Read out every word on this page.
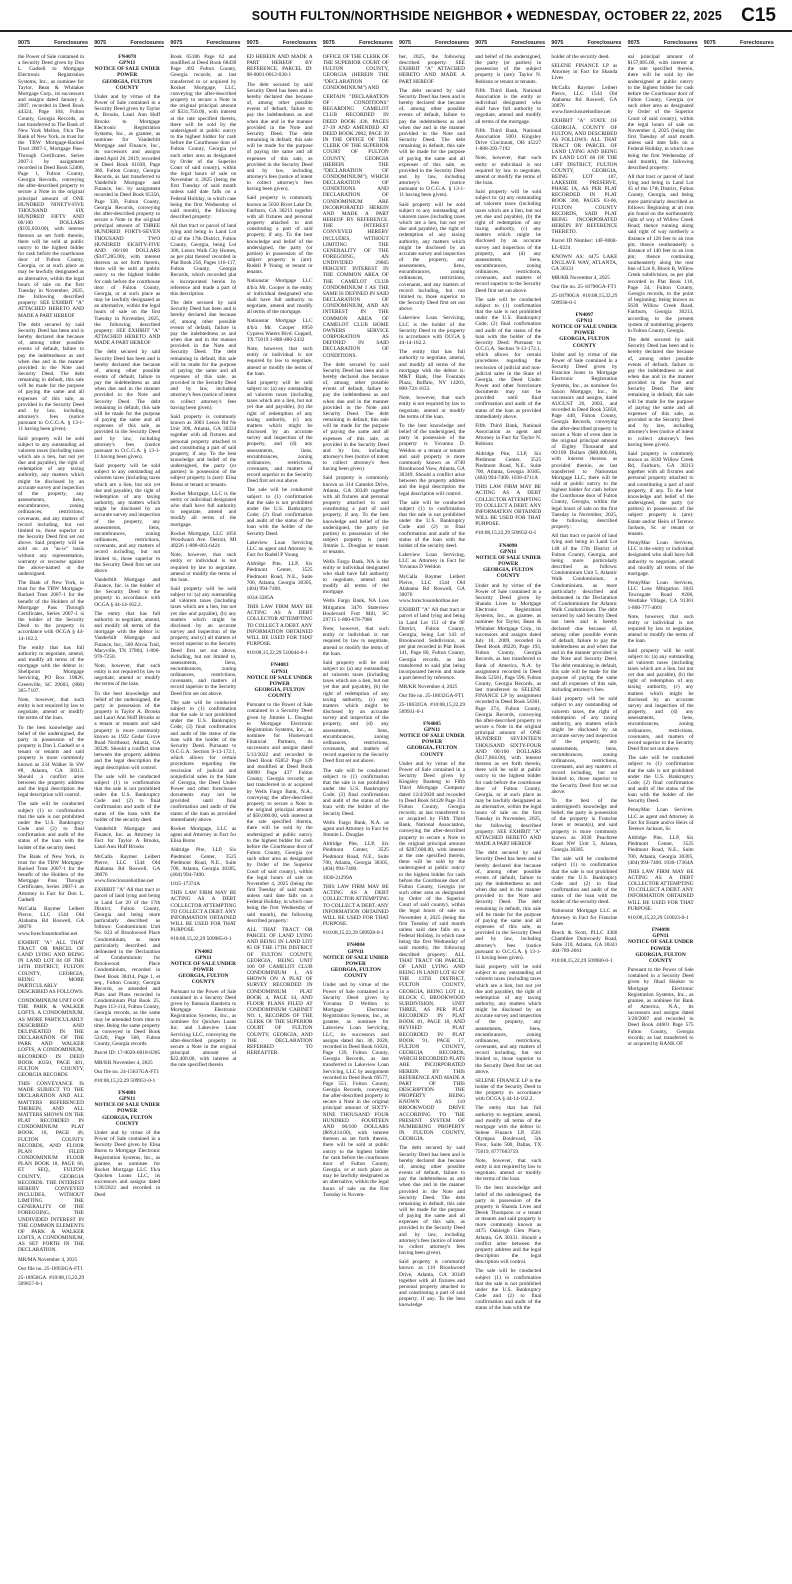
SOUTH FULTON/NORTHSIDE NEIGHBOR ♦ WEDNESDAY, OCTOBER 22, 2025 C15
9075	Foreclosures 9075	Foreclosures 9075	Foreclosures 9075	Foreclosures 9075	Foreclosures 9075	Foreclosures 9075	Foreclosures 9075	Foreclosures 9075	Foreclosures 9075	Foreclosures

the Power of Sale contained in a Security Deed given by Don L. Gadsell to Mortgage Electronic Registration Systems, Inc., as nominee for Taylor, Bean & Whitaker Mortgage Corp., its successors and assigns dated January 4, 2007, recorded in Deed Book 44324, Page 104, Fulton County, Georgia Records, as last transferred to The Bank of New York Mellon, f/k/a The Bank of New York, in trust for the TBW Mortgage-Backed Trust 2007-1, Mortgage Pass-Through Certificates, Series 2007-1 by assignment recorded in Deed Book 52406, Page 1, Fulton County, Georgia Records, conveying the after-described property to secure a Note in the original principal amount of ONE HUNDRED NINETY-FIVE THOUSAND SIX HUNDRED FIFTY AND 00/100 DOLLARS ($195,650.00), with interest thereon as set forth therein, there will be sold at public outcry to the highest bidder for cash before the courthouse door of Fulton County, Georgia, or at such place as may be lawfully designated as an alternative, within the legal hours of sale on the first Tuesday in November, 2025, the following described property: SEE EXHIBIT "A" ATTACHED HERETO AND MADE A PART HEREOF

The debt secured by said Security Deed has been and is hereby declared due because of, among other possible events of default, failure to pay the indebtedness as and when due and in the manner provided in the Note and Security Deed. The debt remaining in default, this sale will be made for the purpose of paying the same and all expenses of this sale, as provided in the Security Deed and by law, including attorney's fees (notice pursuant to O.C.G.A. § 13-1-11 having been given).

Said property will be sold subject to any outstanding ad valorem taxes (including taxes which are a lien, but not yet due and payable), the right of redemption of any taxing authority, any matters which might be disclosed by an accurate survey and inspection of the property, any assessments, liens, encumbrances, zoning ordinances, restrictions, covenants, and any matters of record including, but not limited to, those superior to the Security Deed first set out above. Said property will be sold on an "as-is" basis without any representation, warranty or recourse against the above-named or the undersigned.

The Bank of New York, in trust for the TBW Mortgage-Backed Trust 2007-1 for the benefit of the Holders of the Mortgage Pass Through Certificates, Series 2007-1 is the holder of the Security Deed to the property in accordance with OCGA § 44-14-162.2.

The entity that has full authority to negotiate, amend, and modify all terms of the mortgage with the debtor is: Shellpoint Mortgage Servicing, PO Box 10826, Greenville, SC 29603, (800) 365-7107.

Note, however, that such entity is not required by law to negotiate, amend or modify the terms of the loan.

To the best knowledge and belief of the undersigned, the party in possession of the property is Don L Gadsell or a tenant or tenants and said property is more commonly known as 334 Walker St SW #8, Atlanta, GA 30313. Should a conflict arise between the property address and the legal description the legal description will control.

The sale will be conducted subject (1) to confirmation that the sale is not prohibited under the U.S. Bankruptcy Code and (2) to final confirmation and audit of the status of the loan with the holder of the security deed.

The Bank of New York, in trust for the TBW Mortgage-Backed Trust 2007-1 for the benefit of the Holders of the Mortgage Pass Through Certificates, Series 2007-1 as Attorney in Fact for Don L. Gadsell

McCalla Raymer Leibert Pierce, LLC 1544 Old Alabama Rd Roswell, GA 30076 www.foreclosurehotline.net

EXHIBIT "A" ALL THAT TRACT OR PARCEL OF LAND LYING AND BEING IN LAND LOT 84 OF THE 14TH DISTRICT, FULTON COUNTY, GEORGIA, BEING MORE PARTICULARLY DESCRIBED AS FOLLOWS:

CONDOMINIUM UNIT 8 OF THE PARK & WALKER LOFTS, A CONDOMINIUM, AS MORE PARTICULARLY DESCRIBED AND DELINEATED IN THE DECLARATION OF THE PARK AND WALKER LOFTS, A CONDOMINIUM, RECORDED IN DEED BOOK 40350, PAGE 481, FULTON COUNTY, GEORGIA RECORDS

THIS CONVEYANCE IS MADE SUBJECT TO THE DECLARATION AND ALL MATTERS REFERENCED THEREIN, AND ALL MATTERS SHOWN ON THE PLAT RECORDED IN CONDOMINIUM PLAT BOOK 18, PAGE 46, FULTON COUNTY RECORDS, AND FLOOR PLAN FILED CONDOMINIUM FLOOR PLAN BOOK 18, PAGE 66, ET SEQ., FULTON COUNTY, GEORGIA RECORDS. THE INTEREST HEREBY CONVEYED INCLUDES, WITHOUT LIMITING THE GENERALITY OF THE FOREGOING, THE UNDIVIDED INTEREST IN THE COMMON ELEMENTS OF PARK & WALKER LOFTS, A CONDOMINIUM, AS SET FORTH IN THE DECLARATION.

MR/MA November 4, 2025

Our file no. 25-18950GA-FT1

25-18950GA #10:08,15,22,29 509857-0-1

FN4078
GPN11
NOTICE OF SALE UNDER POWER
GEORGIA, FULTON COUNTY

Under and by virtue of the Power of Sale contained in a Security Deed given by Taylor A. Brooks, Lauri Ann Huff Brooks to Mortgage Electronic Registration Systems, Inc., as grantee, as nominee for Vanderbilt Mortgage and Finance, Inc., its successors and assigns dated April 26, 2019, recorded in Deed Book 61038, Page 366, Fulton County, Georgia Records, as last transferred to Vanderbilt Mortgage and Finance, Inc. by assignment recorded in Deed Book 65356, Page 338, Fulton County, Georgia Records, conveying the after-described property to secure a Note in the original principal amount of THREE HUNDRED FORTY-SEVEN THOUSAND TWO HUNDRED EIGHTY-FIVE AND 00/100 DOLLARS ($347,285.00), with interest thereon as set forth therein, there will be sold at public outcry to the highest bidder for cash before the courthouse door of Fulton County, Georgia, or at such place as may be lawfully designated as an alternative, within the legal hours of sale on the first Tuesday in November, 2025, the following described property: SEE EXHIBIT "A" ATTACHED HERETO AND MADE A PART HEREOF

The debt secured by said Security Deed has been and is hereby declared due because of, among other possible events of default, failure to pay the indebtedness as and when due and in the manner provided in the Note and Security Deed. The debt remaining in default, this sale will be made for the purpose of paying the same and all expenses of this sale, as provided in the Security Deed and by law, including attorney's fees (notice pursuant to O.C.G.A. § 13-1-11 having been given).

Said property will be sold subject to any outstanding ad valorem taxes (including taxes which are a lien, but not yet due and payable), the right of redemption of any taxing authority, any matters which might be disclosed by an accurate survey and inspection of the property, any assessments, liens, encumbrances, zoning ordinances, restrictions, covenants, and any matters of record including, but not limited to, those superior to the Security Deed first set out above.

Vanderbilt Mortgage and Finance, Inc. is the holder of the Security Deed to the property in accordance with OCGA § 44-14-162.2.

The entity that has full authority to negotiate, amend, and modify all terms of the mortgage with the debtor is: Vanderbilt Mortgage and Finance, Inc., 500 Alcoa Trail, Maryville, TN 37804, 1-800-970-7250.

Note, however, that such entity is not required by law to negotiate, amend or modify the terms of the loan.

To the best knowledge and belief of the undersigned, the party in possession of the property is Taylor A. Brooks and Lauri Ann Huff Brooks or a tenant or tenants and said property is more commonly known as 1922 Cedar Grove Road Northeast, Atlanta, GA 30328. Should a conflict arise between the property address and the legal description the legal description will control.

The sale will be conducted subject (1) to confirmation that the sale is not prohibited under the U.S. Bankruptcy Code and (2) to final confirmation and audit of the status of the loan with the holder of the security deed.

Vanderbilt Mortgage and Finance, Inc. as Attorney in Fact for Taylor A Brooks, Lauri Ann Huff Brooks

McCalla Raymer Leibert Pierce, LLC 1544 Old Alabama Rd Roswell, GA 30076 www.foreclosurehotline.net

EXHIBIT "A" All that tract or parcel of land lying and being in Land Lot 20 of the 17th District, Fulton County, Georgia and being more particularly described as follows: Condominium Unit No. 623 of Brookwood Place Condominium, as more particularly described and delineated in the Declaration of Condominium for Brookwood Place Condominium, recorded in Deed Book 38414, Page 1, et seq., Fulton County, Georgia Records, as amended and Plats and Plans recorded in Condominium Plat Book 25, Pages 113-114, Fulton County, Georgia records, as the same may be amended from time to time. Being the same property as conveyed in Deed Book 52420, Page 566, Fulton County, Georgia records.

Parcel ID: 17-0020-0018-0205

MR/KR November 4, 2025

Our file no. 24-15637GA-FT1

#10:08,15,22,29 509951-0-1

FN4081
GPN11
NOTICE OF SALE UNDER POWER
GEORGIA, FULTON COUNTY

Under and by virtue of the Power of Sale contained in a Security Deed given by Elisa Burns to Mortgage Electronic Registration Systems, Inc., as grantee, as nominee for Rocket Mortgage LLC f/k/a Quicken Loans LLC, its successors and assigns dated 1/28/2022 and recorded in Deed

Book 65186 Page 62 and modified at Deed Book 68438 Page 492 Fulton County, Georgia records; as last transferred to or acquired by Rocket Mortgage, LLC, conveying the after-described property to secure a Note in the original principal amount of $331,750.00, with interest at the rate specified therein, there will be sold by the undersigned at public outcry to the highest bidder for cash before the Courthouse door of Fulton County, Georgia (or such other area as designated by Order of the Superior Court of said county), within the legal hours of sale on November 4, 2025 (being the first Tuesday of said month unless said date falls on a Federal Holiday, in which case being the first Wednesday of said month), the following described property:

All that tract or parcel of land lying and being in Land Lot 42 of the 17th District, Fulton County, Georgia, being Lot 306, Lenox Walk City Homes, as per plat thereof recorded in Plat Book 256, Pages 116-117, Fulton County, Georgia Records, which recorded plat is incorporated herein by reference and made a part of this description.

The debt secured by said Security Deed has been and is hereby declared due because of, among other possible events of default, failure to pay the indebtedness as and when due and in the manner provided in the Note and Security Deed. The debt remaining in default, this sale will be made for the purpose of paying the same and all expenses of this sale, as provided in the Security Deed and by law, including attorney's fees (notice of intent to collect attorney's fees having been given).

Said property is commonly known as 3003 Lenox Rd Ne Unit 306, Atlanta, GA 30324 together with all fixtures and personal property attached to and constituting a part of said property, if any. To the best knowledge and belief of the undersigned, the party (or parties) in possession of the subject property is (are): Elisa Burns or tenant or tenants.

Rocket Mortgage, LLC is the entity or individual designated who shall have full authority to negotiate, amend and modify all terms of the mortgage.

Rocket Mortgage, LLC 1050 Woodward Ave. Detroit, MI 48226 1-888-663-6424

Note, however, that such entity or individual is not required by law to negotiate, amend or modify the terms of the loan.

Said property will be sold subject to: (a) any outstanding ad valorem taxes (including taxes which are a lien, but not yet due and payable), (b) any matters which might be disclosed by an accurate survey and inspection of the property, and (c) all matters of record superior to the Security Deed first set out above, including, but not limited to, assessments, liens, encumbrances, zoning ordinances, restrictions, covenants, and matters of record superior to the Security Deed first set out above.

The sale will be conducted subject to (1) confirmation that the sale is not prohibited under the U.S. Bankruptcy Code; (2) final confirmation and audit of the status of the loan with the holder of the Security Deed. Pursuant to O.C.G.A. Section 9-13-172.1, which allows for certain procedures regarding the rescission of judicial and nonjudicial sales in the State of Georgia, the Deed Under Power and other foreclosure documents may not be provided until final confirmation and audit of the status of the loan as provided immediately above.

Rocket Mortgage, LLC as agent and Attorney in Fact for Elisa Burns

Aldridge Pite, LLP, Six Piedmont Center, 3525 Piedmont Road, N.E., Suite 700, Atlanta, Georgia 30305, (404) 994-7400.

1015-17374A

THIS LAW FIRM MAY BE ACTING AS A DEBT COLLECTOR ATTEMPTING TO COLLECT A DEBT. ANY INFORMATION OBTAINED WILL BE USED FOR THAT PURPOSE.

#10:08,15,22,29 509985-0-1

FN4082
GPN11
NOTICE OF SALE UNDER POWER
GEORGIA, FULTON COUNTY

Pursuant to the Power of Sale contained in a Security Deed given by Ilamaria Bandeira to Mortgage Electronic Registration Systems, Inc., as nominee for Quicken Loans Inc. and Lakeview Loan Servicing LLC, conveying the after-described property to secure a Note in the original principal amount of $22,408.00, with interest at the rate specified therein

ED HEREIN AND MADE A PART HEREOF BY REFERENCE. PARCEL ID: 08-0001-0012-030-1

The debt secured by said Security Deed has been and is hereby declared due because of, among other possible events of default, failure to pay the indebtedness as and when due and in the manner provided in the Note and Security Deed. The debt remaining in default, this sale will be made for the purpose of paying the same and all expenses of this sale, as provided in the Security Deed and by law, including attorney's fees (notice of intent to collect attorney's fees having been given).

Said property is commonly known as 5030 River Lake Dr, Fairburn, GA 30213 together with all fixtures and personal property attached to and constituting a part of said property, if any. To the best knowledge and belief of the undersigned, the party (or parties) in possession of the subject property is (are): Rudell P Young or tenant or tenants.

Nationstar Mortgage LLC d/b/a Mr. Cooper is the entity or individual designated who shall have full authority to negotiate, amend and modify all terms of the mortgage.

Nationstar Mortgage LLC d/b/a Mr. Cooper 8950 Cypress Waters Blvd. Coppell, TX 75019 1-888-480-2432

Note, however, that such entity or individual is not required by law to negotiate, amend or modify the terms of the loan.

Said property will be sold subject to: (a) any outstanding ad valorem taxes (including taxes which are a lien, but not yet due and payable), (b) the right of redemption of any taxing authority, (c) any matters which might be disclosed by an accurate survey and inspection of the property, and (d) any assessments, liens, encumbrances, zoning ordinances, restrictions, covenants, and matters of record superior to the Security Deed first set out above.

The sale will be conducted subject to (1) confirmation that the sale is not prohibited under the U.S. Bankruptcy Code; (2) final confirmation and audit of the status of the loan with the holder of the Security Deed.

Lakeview Loan Servicing LLC as agent and Attorney in Fact for Rudell P Young

Aldridge Pite, LLP, Six Piedmont Center, 3525 Piedmont Road, N.E., Suite 700, Atlanta, Georgia 30305, (404) 994-7400.

1034-3285A

THIS LAW FIRM MAY BE ACTING AS A DEBT COLLECTOR ATTEMPTING TO COLLECT A DEBT. ANY INFORMATION OBTAINED WILL BE USED FOR THAT PURPOSE.

#10:08,15,22,29 510044-0-1

FN4083
GPN11
NOTICE OF SALE UNDER POWER
GEORGIA, FULTON COUNTY

Pursuant to the Power of Sale contained in a Security Deed given by Jimmie L. Douglas to Mortgage Electronic Registration Systems, Inc., as nominee for Homeward Financial Partners, its successors and assigns dated 5/13/2022 and recorded in Deed Book 65852 Page 139 and modified at Deed Book 68099 Page 437 Fulton County, Georgia records; as last transferred to or acquired by Wells Fargo Bank, N.A., conveying the after-described property to secure a Note in the original principal amount of $56,000.00, with interest at the rate specified therein, there will be sold by the undersigned at public outcry to the highest bidder for cash before the Courthouse door of Fulton County, Georgia (or such other area as designated by Order of the Superior Court of said county), within the legal hours of sale on November 4, 2025 (being the first Tuesday of said month unless said date falls on a Federal Holiday, in which case being the first Wednesday of said month), the following described property:

ALL THAT TRACT OR PARCEL OF LAND LYING AND BEING IN LAND LOT 85 OF THE 17TH DISTRICT OF FULTON COUNTY, GEORGIA, BEING UNIT 106 OF CAMELOT CLUB CONDOMINIUM I, AS SHOWN ON A PLAT OF SURVEY RECORDED IN CONDOMINIUM PLAT BOOK 4, PAGE 34, AND FLOOR PLANS FILED AT CONDOMINIUM CABINET NO. 1, RECORDS OF THE CLERK OF THE SUPERIOR COURT OF FULTON COUNTY, GEORGIA, AND THE DECLARATION REFERRED TO HEREAFTER.

OFFICE OF THE CLERK OF THE SUPERIOR COURT OF FULTON COUNTY, GEORGIA (HEREIN THE "DECLARATION OF CONDOMINIUM") AND

CERTAIN "DECLARATION OF CONDITIONS" REGARDING CAMELOT CLUB RECORDED IN DEED BOOK 436, PAGES 27-39 AND AMENDED AT DEED BOOK 2082, PAGE 39 IN THE OFFICE OF THE CLERK OF THE SUPERIOR COURT OF FULTON COUNTY, GEORGIA (HEREIN THE "DECLARATION OF CONDOMINIUM"), WHICH DECLARATION OF CONDITIONS AND DECLARATION OF CONDOMINIUM ARE INCORPORATED HEREIN AND MADE A PART HEREOF BY REFERENCE. THE INTEREST CONVEYED HEREBY INCLUDES, WITHOUT LIMITING THE GENERALITY OF THE FOREGOING, AN UNDIVIDED 29665 PERCENT INTEREST IN THE COMMON AREA OF THE CAMELOT CLUB CONDOMINIUM I AS THE SAME IS DEFINED IN SAID DECLARATION OF CONDOMINIUM, AND AN INTEREST IN THE COMMON AREA OF CAMELOT CLUB HOME OWNERS SERVICE CORPORATION AS DEFINED IN SAID DECLARATION OF CONDITIONS.

The debt secured by said Security Deed has been and is hereby declared due because of, among other possible events of default, failure to pay the indebtedness as and when due and in the manner provided in the Note and Security Deed. The debt remaining in default, this sale will be made for the purpose of paying the same and all expenses of this sale, as provided in the Security Deed and by law, including attorney's fees (notice of intent to collect attorney's fees having been given).

Said property is commonly known as 314 Camelot Drive, Atlanta, GA 30349 together with all fixtures and personal property attached to and constituting a part of said property, if any. To the best knowledge and belief of the undersigned, the party (or parties) in possession of the subject property is (are): Jimmie L. Douglas or tenant or tenants.

Wells Fargo Bank, NA is the entity or individual designated who shall have full authority to negotiate, amend and modify all terms of the mortgage.

Wells Fargo Bank, NA Loss Mitigation 3476 Stateview Boulevard Fort Mill, SC 29715 1-800-678-7986

Note, however, that such entity or individual is not required by law to negotiate, amend or modify the terms of the loan.

Said property will be sold subject to: (a) any outstanding ad valorem taxes (including taxes which are a lien, but not yet due and payable), (b) the right of redemption of any taxing authority, (c) any matters which might be disclosed by an accurate survey and inspection of the property, and (d) any assessments, liens, encumbrances, zoning ordinances, restrictions, covenants, and matters of record superior to the Security Deed first set out above.

The sale will be conducted subject to (1) confirmation that the sale is not prohibited under the U.S. Bankruptcy Code; (2) final confirmation and audit of the status of the loan with the holder of the Security Deed.

Wells Fargo Bank, N.A. as agent and Attorney in Fact for Jimmie L. Douglas

Aldridge Pite, LLP, Six Piedmont Center, 3525 Piedmont Road, N.E., Suite 700, Atlanta, Georgia 30305, (404) 994-7400.

1030-21299A

THIS LAW FIRM MAY BE ACTING AS A DEBT COLLECTOR ATTEMPTING TO COLLECT A DEBT. ANY INFORMATION OBTAINED WILL BE USED FOR THAT PURPOSE.

#10:08,15,22,29 509928-0-1

FN4084
GPN11
NOTICE OF SALE UNDER POWER
GEORGIA, FULTON COUNTY

Under and by virtue of the Power of Sale contained in a Security Deed given by Yovanna D Weldon to Mortgage Electronic Registration Systems, Inc., as grantee, as nominee for Lakeview Loan Servicing, LLC, its successors and assigns dated Jan. 30, 2020, recorded in Deed Book 61024, Page 139, Fulton County, Georgia Records, as last transferred to Lakeview Loan Servicing, LLC by assignment recorded in Deed Book 69577, Page 551, Fulton County, Georgia Records, conveying the after-described property to secure a Note in the original principal amount of SIXTY-NINE THOUSAND FOUR HUNDRED FOURTEEN AND 00/100 DOLLARS ($69,414.00), with interest thereon as set forth therein, there will be sold at public outcry to the highest bidder for cash before the courthouse door of Fulton County, Georgia, or at such place as may be lawfully designated as an alternative, within the legal hours of sale on the first Tuesday in Novem-

ber, 2025, the following described property: SEE EXHIBIT "A" ATTACHED HERETO AND MADE A PART HEREOF

The debt secured by said Security Deed has been and is hereby declared due because of, among other possible events of default, failure to pay the indebtedness as and when due and in the manner provided in the Note and Security Deed. The debt remaining in default, this sale will be made for the purpose of paying the same and all expenses of this sale, as provided in the Security Deed and by law, including attorney's fees (notice pursuant to O.C.G.A. § 13-1-11 having been given).

Said property will be sold subject to any outstanding ad valorem taxes (including taxes which are a lien, but not yet due and payable), the right of redemption of any taxing authority, any matters which might be disclosed by an accurate survey and inspection of the property, any assessments, liens, encumbrances, zoning ordinances, restrictions, covenants, and any matters of record including, but not limited to, those superior to the Security Deed first set out above.

Lakeview Loan Servicing, LLC is the holder of the Security Deed to the property in accordance with OCGA § 44-14-162.2.

The entity that has full authority to negotiate, amend, and modify all terms of the mortgage with the debtor is: M&T Bank, One Fountain Plaza, Buffalo, NY 14203, 800-724-1633.

Note, however, that such entity is not required by law to negotiate, amend or modify the terms of the loan.

To the best knowledge and belief of the undersigned, the party in possession of the property is Yovanna D. Weldon or a tenant or tenants and said property is more commonly known as 4740 Brookwood View, Atlanta, GA 30349. Should a conflict arise between the property address and the legal description the legal description will control.

The sale will be conducted subject (1) to confirmation that the sale is not prohibited under the U.S. Bankruptcy Code and (2) to final confirmation and audit of the status of the loan with the holder of the security deed.

Lakeview Loan Servicing, LLC as Attorney in Fact for Yovanna D Weldon

McCalla Raymer Leibert Pierce, LLC 1544 Old Alabama Rd Roswell, GA 30076 www.foreclosurehotline.net

EXHIBIT "A" All that tract or parcel of land lying and being in Land Lot 151 of the 9F District, Fulton County, Georgia, being Lot 143 of Brookwood Subdivision, as per plat recorded in Plat Book 141, Page 80, Fulton County, Georgia records, as last transferred to said plat being incorporated herein and made a part hereof by reference.

MR/KR November 4, 2025

Our file no. 25-18632GA-FT1

25-18632GA #10:08,15,22,29 509931-0-1

FN4085
GPN11
NOTICE OF SALE UNDER POWER
GEORGIA, FULTON COUNTY

Under and by virtue of the Power of Sale contained in a Security Deed given by Kingsley Boateng to Fifth Third Mortgage Company dated 12/4/2020 and recorded in Deed Book 64128 Page 314 Fulton County, Georgia records; as last transferred to or acquired by Fifth Third Bank, National Association, conveying the after-described property to secure a Note in the original principal amount of $287,600.00, with interest at the rate specified therein, there will be sold by the undersigned at public outcry to the highest bidder for cash before the Courthouse door of Fulton County, Georgia (or such other area as designated by Order of the Superior Court of said county), within the legal hours of sale on November 4, 2025 (being the first Tuesday of said month unless said date falls on a Federal Holiday, in which case being the first Wednesday of said month), the following described property: ALL THAT TRACT OR PARCEL OF LAND LYING AND BEING IN LAND LOT 82 OF THE 13TH DISTRICT, FULTON COUNTY, GEORGIA, BEING LOT 14, BLOCK C, BROOKWOOD SUBDIVISION, UNIT THREE, AS PER PLAT RECORDED IN PLAT BOOK 81, PAGE 18, AND REVISED PLAT RECORDED IN PLAT BOOK 91, PAGE 17, FULTON COUNTY, GEORGIA RECORDS, WHICH RECORDED PLATS ARE INCORPORATED HEREIN BY THIS REFERENCE AND MADE A PART OF THIS DESCRIPTION. THE PROPERTY BEING KNOWN AS 110 BROOKWOOD DRIVE ACCORDING TO THE PRESENT SYSTEM OF NUMBERING PROPERTY IN FULTON COUNTY, GEORGIA.

The debt secured by said Security Deed has been and is hereby declared due because of, among other possible events of default, failure to pay the indebtedness as and when due and in the manner provided in the Note and Security Deed. The debt remaining in default, this sale will be made for the purpose of paying the same and all expenses of this sale, as provided in the Security Deed and by law, including attorney's fees (notice of intent to collect attorney's fees having been given).

Said property is commonly known as 110 Brookwood Drive, Atlanta, GA 30349 together with all fixtures and personal property attached to and constituting a part of said property, if any. To the best knowledge

and belief of the undersigned, the party (or parties) in possession of the subject property is (are): Taylor N. Robison or tenant or tenants.

Fifth Third Bank, National Association is the entity or individual designated who shall have full authority to negotiate, amend and modify all terms of the mortgage.

Fifth Third Bank, National Association 5001 Kingsley Drive Cincinnati, OH 45227 1-888-393-7192

Note, however, that such entity or individual is not required by law to negotiate, amend or modify the terms of the loan.

Said property will be sold subject to: (a) any outstanding ad valorem taxes (including taxes which are a lien, but not yet due and payable), (b) the right of redemption of any taxing authority, (c) any matters which might be disclosed by an accurate survey and inspection of the property, and (d) any assessments, liens, encumbrances, zoning ordinances, restrictions, covenants, and matters of record superior to the Security Deed first set out above.

The sale will be conducted subject to (1) confirmation that the sale is not prohibited under the U.S. Bankruptcy Code; (2) final confirmation and audit of the status of the loan with the holder of the Security Deed. Pursuant to O.C.G.A. Section 9-13-172.1, which allows for certain procedures regarding the rescission of judicial and non-judicial sales in the State of Georgia, the Deed Under Power and other foreclosure documents may not be provided until final confirmation and audit of the status of the loan as provided immediately above.

Fifth Third Bank, National Association as agent and Attorney in Fact for Taylor N. Robison

Aldridge Pite, LLP, Six Piedmont Center, 3525 Piedmont Road, N.E., Suite 700, Atlanta, Georgia 30305, (404) 994-7400. 1038-4711A

THIS LAW FIRM MAY BE ACTING AS A DEBT COLLECTOR ATTEMPTING TO COLLECT A DEBT. ANY INFORMATION OBTAINED WILL BE USED FOR THAT PURPOSE.

#10:08,15,22,29 509932-0-1

FN4090
GPN11
NOTICE OF SALE UNDER POWER
GEORGIA, FULTON COUNTY

Under and by virtue of the Power of Sale contained in a Security Deed given by Shanda Lives to Mortgage Electronic Registration Systems, Inc., as grantee, as nominee for Taylor, Bean & Whitaker Mortgage Corp., its successors and assigns dated July 10, 2009, recorded in Deed Book 48220, Page 193, Fulton County, Georgia Records, as last transferred to Bank of America, N.A. by assignment recorded in Deed Book 52581, Page 596, Fulton County, Georgia Records, as last transferred to SELENE FINANCE LP by assignment recorded in Deed Book 54381, Page 274, Fulton County, Georgia Records, conveying the after-described property to secure a Note in the original principal amount of ONE HUNDRED SEVENTEEN THOUSAND SIXTY-FOUR AND 00/100 DOLLARS ($117,064.00), with interest thereon as set forth therein, there will be sold at public outcry to the highest bidder for cash before the courthouse door of Fulton County, Georgia, or at such place as may be lawfully designated as an alternative, within the legal hours of sale on the first Tuesday in November, 2025, the following described property: SEE EXHIBIT "A" ATTACHED HERETO AND MADE A PART HEREOF

The debt secured by said Security Deed has been and is hereby declared due because of, among other possible events of default, failure to pay the indebtedness as and when due and in the manner provided in the Note and Security Deed. The debt remaining in default, this sale will be made for the purpose of paying the same and all expenses of this sale, as provided in the Security Deed and by law, including attorney's fees (notice pursuant to O.C.G.A. § 13-1-11 having been given).

Said property will be sold subject to any outstanding ad valorem taxes (including taxes which are a lien, but not yet due and payable), the right of redemption of any taxing authority, any matters which might be disclosed by an accurate survey and inspection of the property, any assessments, liens, encumbrances, zoning ordinances, restrictions, covenants, and any matters of record including, but not limited to, those superior to the Security Deed first set out above.

SELENE FINANCE LP is the holder of the Security Deed to the property in accordance with OCGA § 44-14-162.2.

The entity that has full authority to negotiate, amend, and modify all terms of the mortgage with the debtor is: Selene Finance LP, 3501 Olympus Boulevard, 5th Floor, Suite 500, Dallas, TX 75019, 8777683759.

Note, however, that such entity is not required by law to negotiate, amend or modify the terms of the loan.

To the best knowledge and belief of the undersigned, the party in possession of the property is Shanda Lives and Derek Thompson or a tenant or tenants and said property is more commonly known as 4475 Oakleigh Glen Place, Atlanta, GA 30331. Should a conflict arise between the property address and the legal description the legal description will control.

The sale will be conducted subject (1) to confirmation that the sale is not prohibited under the U.S. Bankruptcy Code and (2) to final confirmation and audit of the status of the loan with the

holder of the security deed.

SELENE FINANCE LP as Attorney in Fact for Shanda Lives

McCalla Raymer Leibert Pierce, LLC 1544 Old Alabama Rd Roswell, GA 30076 www.foreclosurehotline.net

EXHIBIT "A" STATE OF GEORGIA, COUNTY OF FULTON, AND DESCRIBED AS FOLLOWS: ALL THAT TRACT OR PARCEL OF LAND LYING AND BEING IN LAND LOT 68 OF THE 14FF DISTRICT, FULTON COUNTY, GEORGIA, BEING LOT 107, LAKESIDE PRESERVE, PHASE IA, AS PER PLAT RECORDED IN PLAT BOOK 300, PAGES 63-66, FULTON COUNTY RECORDS, SAID PLAT BEING INCORPORATED HEREIN BY REFERENCE THERETO.

Parcel ID Number: 14F-0068-LL-0224

KNOWN AS: 4475 LAKE ENCLAVE WAY, ATLANTA, GA 30331

MR/KR November 4, 2025

Our file no. 25-18790GA-FT1

25-18790GA #10:08,15,22,29 509936-0-1

FN4097
GPN11
NOTICE OF SALE UNDER POWER
GEORGIA, FULTON COUNTY

Under and by virtue of the Power of Sale contained in a Security Deed given by Francine Jones to Mortgage Electronic Registration Systems, Inc., as nominee for Saxon Mortgage, Inc., its successors and assigns, dated AUGUST 26, 2003, and recorded in Deed Book 35858, Page 448, Fulton County, Georgia Records, conveying the after-described property to secure a Note of even date in the original principal amount of Eighty Thousand and 00/100 Dollars ($80,000.00), with interest thereon as provided therein, as last transferred to Nationstar Mortgage LLC, there will be sold at public outcry to the highest bidder for cash before the Courthouse door of Fulton County, Georgia, within the legal hours of sale on the first Tuesday in November, 2025, the following described property:

All that tract or parcel of land lying and being in Land Lot 148 of the 17th District of Fulton County, Georgia, and being more particularly described as follows: Condominium Unit 5, Atlantic Walk Condominium, a Condominium, as more particularly described and delineated in the Declaration of Condominium for Atlantic Walk Condominium. The debt secured by said Security Deed has been and is hereby declared due because of, among other possible events of default, failure to pay the indebtedness as and when due and in the manner provided in the Note and Security Deed. The debt remaining in default, this sale will be made for the purpose of paying the same and all expenses of this sale, including attorney's fees.

Said property will be sold subject to any outstanding ad valorem taxes, the right of redemption of any taxing authority, any matters which might be disclosed by an accurate survey and inspection of the property, any assessments, liens, encumbrances, zoning ordinances, restrictions, covenants, and any matters of record including, but not limited to, those superior to the Security Deed first set out above.

To the best of the undersigned's knowledge and belief, the party in possession of the property is Francine Jones or tenant(s), and said property is more commonly known as 3030 Peachtree Road NW Unit 5, Atlanta, Georgia 30305.

The sale will be conducted subject (1) to confirmation that the sale is not prohibited under the U.S. Bankruptcy Code and (2) to final confirmation and audit of the status of the loan with the holder of the security deed.

Nationstar Mortgage LLC as Attorney in Fact for Francine Jones

Brock & Scott, PLLC 4360 Chamblee Dunwoody Road, Suite 310, Atlanta, GA 30341 404-789-2661

#10:08,15,22,29 509980-0-1

nal principal amount of $157,085.00, with interest at the rate specified therein, there will be sold by the undersigned at public outcry to the highest bidder for cash before the Courthouse door of Fulton County, Georgia (or such other area as designated by Order of the Superior Court of said county), within the legal hours of sale on November 4, 2025 (being the first Tuesday of said month unless said date falls on a Federal Holiday, in which case being the first Wednesday of said month), the following described property:

All that tract or parcel of land lying and being in Land Lot 45 of the 17th District, Fulton County, Georgia, and being more particularly described as follows: Beginning at an iron pin found on the northeasterly right of way of Willow Creek Road; thence running along said right of way northerly a distance of 128 feet to an iron pin; thence southeasterly a distance of 140 feet to an iron pin; thence continuing southeasterly along the rear line of Lot 8, Block B, Willow Creek subdivision, as per plat recorded in Plat Book 116, Page 34, Fulton County, Georgia records, to the point of beginning; being known as 5630 Willow Creek Road, Fairburn, Georgia 30213, according to the present system of numbering property in Fulton County, Georgia.

The debt secured by said Security Deed has been and is hereby declared due because of, among other possible events of default, failure to pay the indebtedness as and when due and in the manner provided in the Note and Security Deed. The debt remaining in default, this sale will be made for the purpose of paying the same and all expenses of this sale, as provided in the Security Deed and by law, including attorney's fees (notice of intent to collect attorney's fees having been given).

Said property is commonly known as 5630 Willow Creek Rd, Fairburn, GA 30213 together with all fixtures and personal property attached to and constituting a part of said property, if any. To the best knowledge and belief of the undersigned, the party (or parties) in possession of the subject property is (are): Estate and/or Heirs of Terence Jackson, Sr. or tenant or tenants.

PennyMac Loan Services, LLC is the entity or individual designated who shall have full authority to negotiate, amend and modify all terms of the mortgage.

PennyMac Loan Services, LLC Loss Mitigation 3043 Townsgate Road #200, Westlake Village, CA 91361 1-800-777-4001

Note, however, that such entity or individual is not required by law to negotiate, amend or modify the terms of the loan.

Said property will be sold subject to: (a) any outstanding ad valorem taxes (including taxes which are a lien, but not yet due and payable), (b) the right of redemption of any taxing authority, (c) any matters which might be disclosed by an accurate survey and inspection of the property, and (d) any assessments, liens, encumbrances, zoning ordinances, restrictions, covenants, and matters of record superior to the Security Deed first set out above.

The sale will be conducted subject to (1) confirmation that the sale is not prohibited under the U.S. Bankruptcy Code; (2) final confirmation and audit of the status of the loan with the holder of the Security Deed.

PennyMac Loan Services, LLC as agent and Attorney in Fact for Estate and/or Heirs of Terence Jackson, Sr.

Aldridge Pite, LLP, Six Piedmont Center, 3525 Piedmont Road, N.E., Suite 700, Atlanta, Georgia 30305, (404) 994-7400. 1030-17364A

THIS LAW FIRM MAY BE ACTING AS A DEBT COLLECTOR ATTEMPTING TO COLLECT A DEBT. ANY INFORMATION OBTAINED WILL BE USED FOR THAT PURPOSE.

#10:08,15,22,29 510023-0-1

FN4098
GPN11
NOTICE OF SALE UNDER POWER
GEORGIA, FULTON COUNTY

Pursuant to the Power of Sale contained in a Security Deed given by Jihad Hooker to Mortgage Electronic Registration Systems, Inc., as grantee, as nominee for Bank of America, N.A., its successors and assigns dated 3/28/2007 and recorded in Deed Book 44601 Page 575 Fulton County, Georgia records; as last transferred to or acquired by BANK OF
